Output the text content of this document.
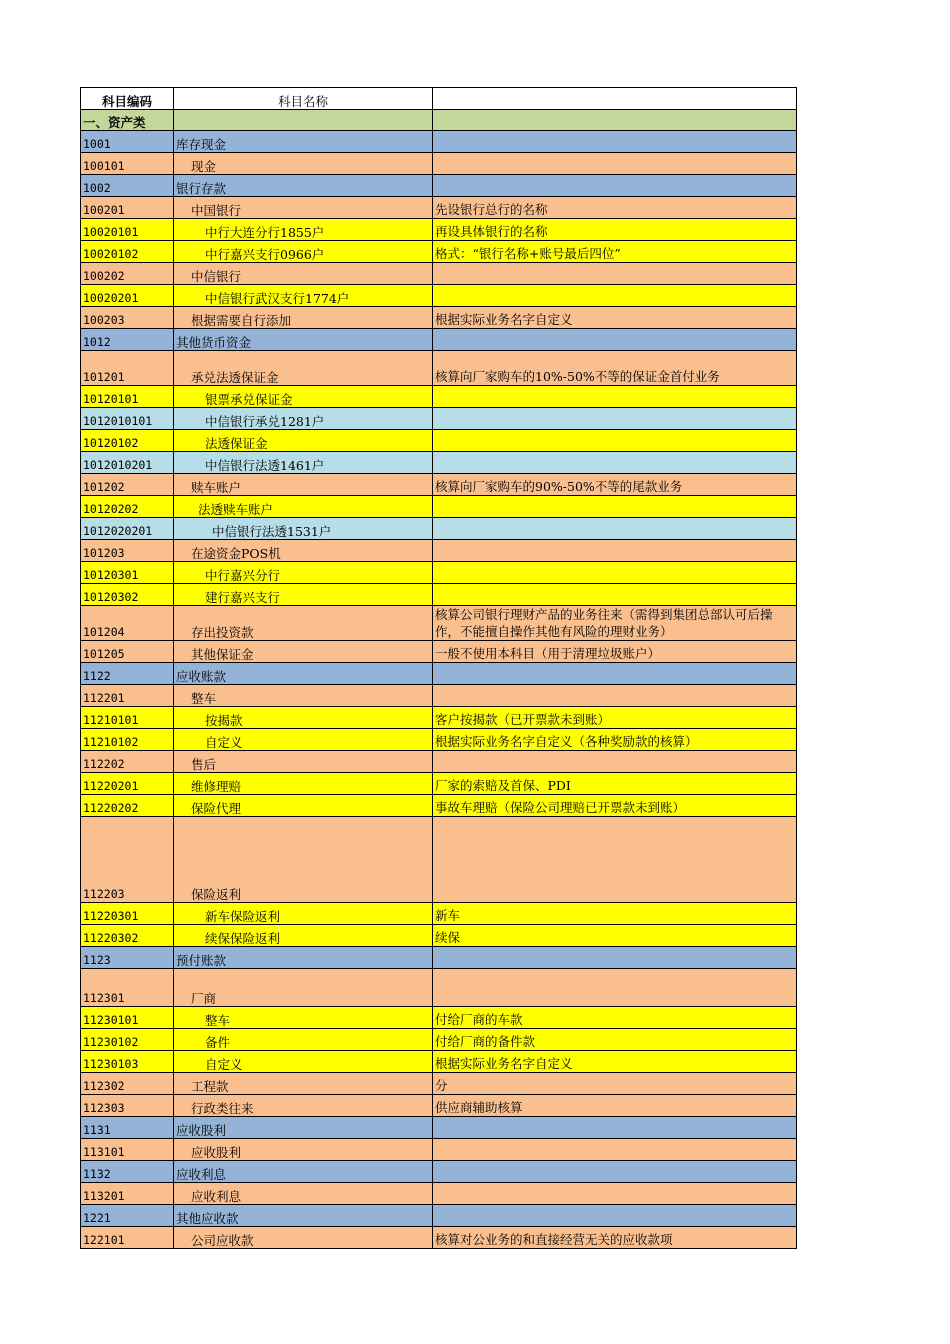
科目编码	科目名称	
一、资产类		
1001	库存现金	
100101	现金	
1002	银行存款	
100201	中国银行	先设银行总行的名称
10020101	中行大连分行1855户	再设具体银行的名称
10020102	中行嘉兴支行0966户	格式：“银行名称+账号最后四位”
100202	中信银行	
10020201	中信银行武汉支行1774户	
100203	根据需要自行添加	根据实际业务名字自定义
1012	其他货币资金	
101201	承兑法透保证金	核算向厂家购车的10%-50%不等的保证金首付业务
10120101	银票承兑保证金	
1012010101	中信银行承兑1281户	
10120102	法透保证金	
1012010201	中信银行法透1461户	
101202	赎车账户	核算向厂家购车的90%-50%不等的尾款业务
10120202	法透赎车账户	
1012020201	中信银行法透1531户	
101203	在途资金POS机	
10120301	中行嘉兴分行	
10120302	建行嘉兴支行	
101204	存出投资款	核算公司银行理财产品的业务往来（需得到集团总部认可后操作，不能擅自操作其他有风险的理财业务）
101205	其他保证金	一般不使用本科目（用于清理垃圾账户）
1122	应收账款	
112201	整车	
11210101	按揭款	客户按揭款（已开票款未到账）
11210102	自定义	根据实际业务名字自定义（各种奖励款的核算）
112202	售后	
11220201	维修理赔	厂家的索赔及首保、PDI
11220202	保险代理	事故车理赔（保险公司理赔已开票款未到账）
112203	保险返利	
11220301	新车保险返利	新车
11220302	续保保险返利	续保
1123	预付账款	
112301	厂商	
11230101	整车	付给厂商的车款
11230102	备件	付给厂商的备件款
11230103	自定义	根据实际业务名字自定义
112302	工程款	分
112303	行政类往来	供应商辅助核算
1131	应收股利	
113101	应收股利	
1132	应收利息	
113201	应收利息	
1221	其他应收款	
122101	公司应收款	核算对公业务的和直接经营无关的应收款项
